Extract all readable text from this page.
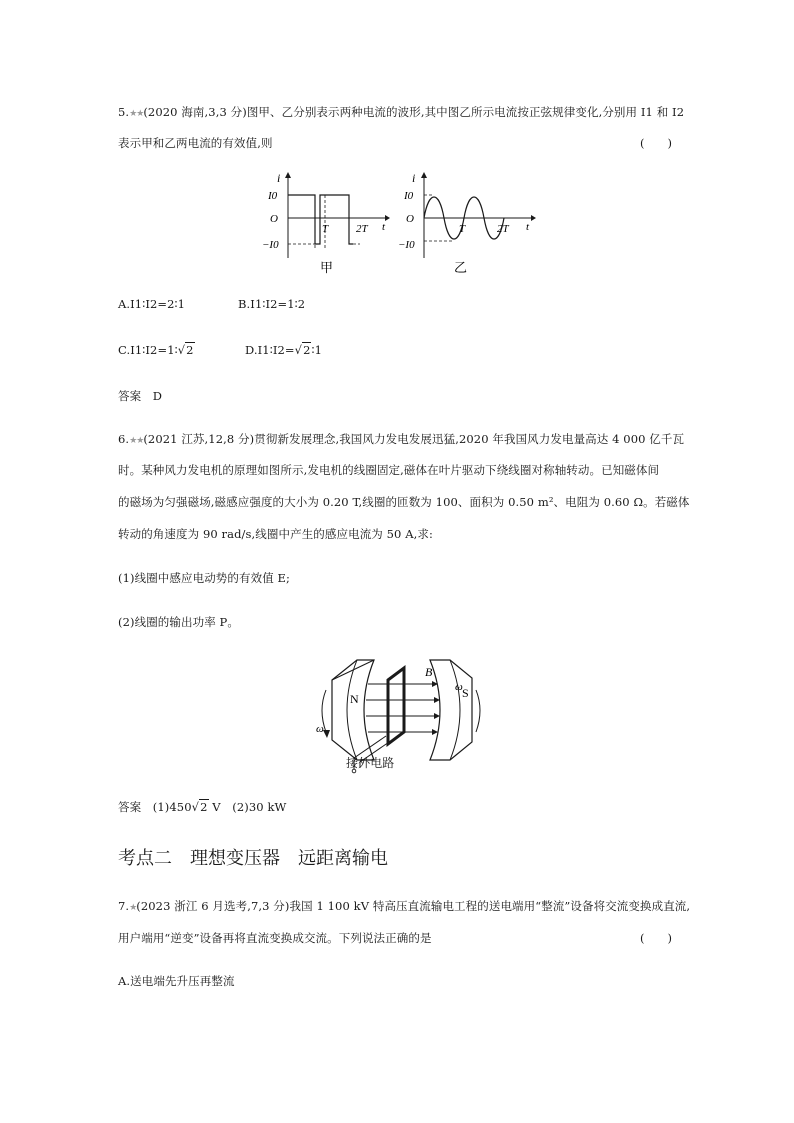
5.★★(2020 海南,3,3 分)图甲、乙分别表示两种电流的波形,其中图乙所示电流按正弦规律变化,分别用 I1 和 I2
表示甲和乙两电流的有效值,则	(　　)
i
I0
O
−I0
T	2T t
甲
i
I0
O
−I0
T	2T t
乙
A.I1∶I2=2∶1	B.I1∶I2=1∶2
C.I1∶I2=1∶√2	D.I1∶I2=√2∶1
答案　D
6.★★(2021 江苏,12,8 分)贯彻新发展理念,我国风力发电发展迅猛,2020 年我国风力发电量高达 4 000 亿千瓦
时。某种风力发电机的原理如图所示,发电机的线圈固定,磁体在叶片驱动下绕线圈对称轴转动。已知磁体间
的磁场为匀强磁场,磁感应强度的大小为 0.20 T,线圈的匝数为 100、面积为 0.50 m²、电阻为 0.60 Ω。若磁体
转动的角速度为 90 rad/s,线圈中产生的感应电流为 50 A,求:
(1)线圈中感应电动势的有效值 E;
(2)线圈的输出功率 P。
N	S
B
ω
ω
接外电路
答案　(1)450√2 V　(2)30 kW
考点二　理想变压器　远距离输电
7.★(2023 浙江 6 月选考,7,3 分)我国 1 100 kV 特高压直流输电工程的送电端用“整流”设备将交流变换成直流,
用户端用“逆变”设备再将直流变换成交流。下列说法正确的是	(　　)
A.送电端先升压再整流
